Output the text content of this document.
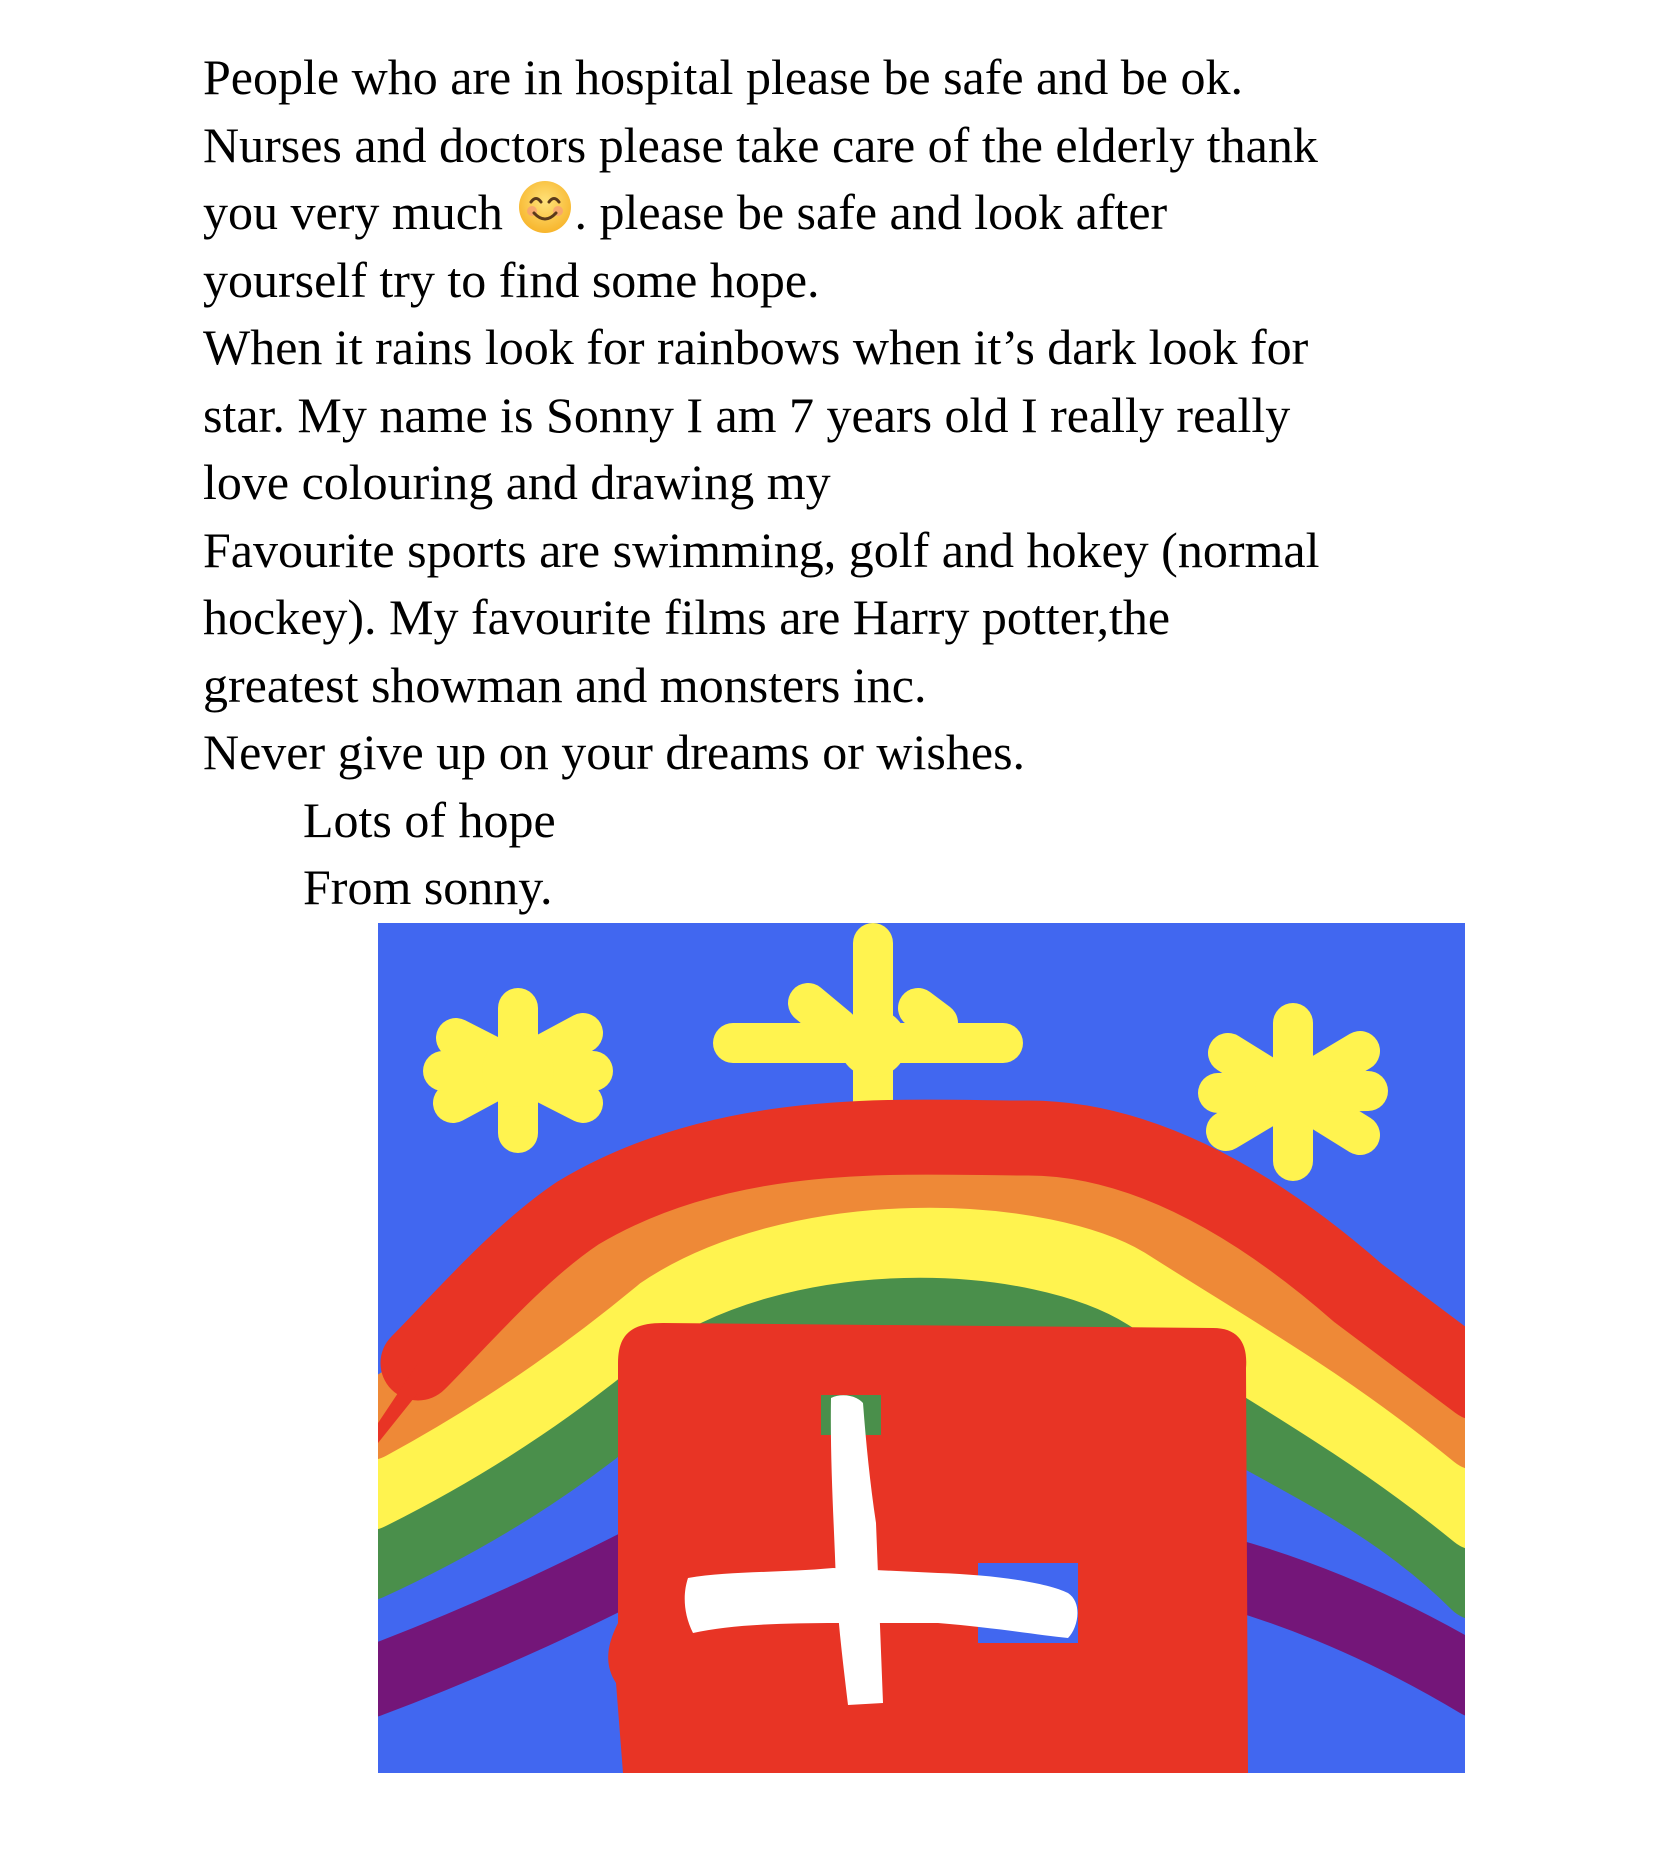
People who are in hospital please be safe and be ok.
Nurses and doctors please take care of the elderly thank
you very much . please be safe and look after
yourself try to find some hope.
When it rains look for rainbows when it’s dark look for
star. My name is Sonny I am 7 years old I really really
love colouring and drawing my
Favourite sports are swimming, golf and hokey (normal
hockey). My favourite films are Harry potter,the
greatest showman and monsters inc.
Never give up on your dreams or wishes.
Lots of hope
From sonny.
